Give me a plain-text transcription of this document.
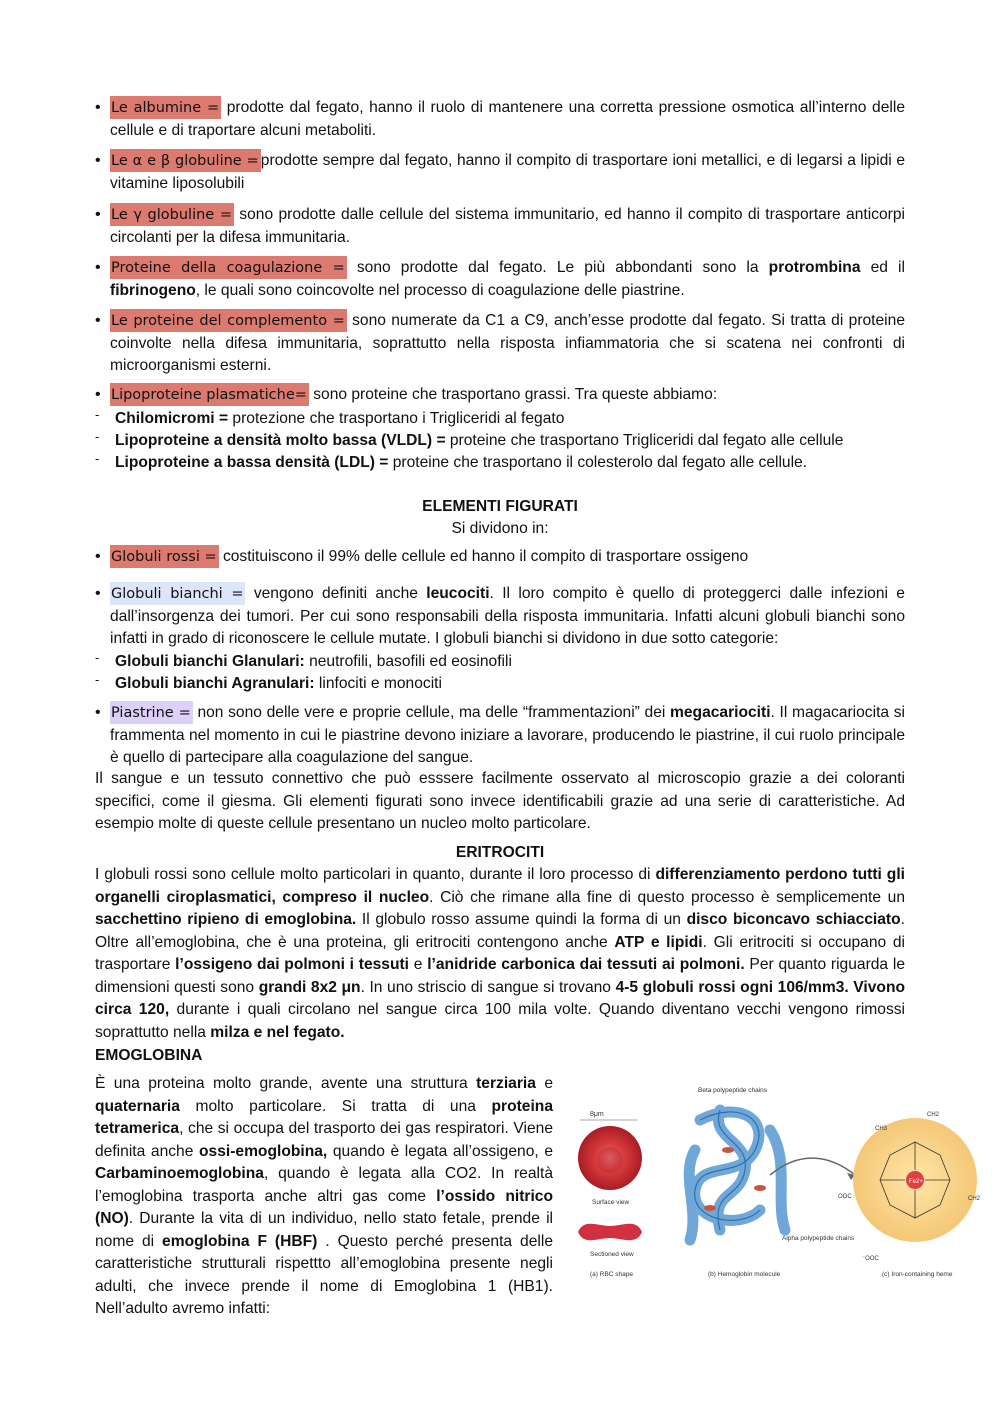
• Le albumine = prodotte dal fegato, hanno il ruolo di mantenere una corretta pressione osmotica all’interno delle cellule e di traportare alcuni metaboliti.
• Le α e β globuline = prodotte sempre dal fegato, hanno il compito di trasportare ioni metallici, e di legarsi a lipidi e vitamine liposolubili
• Le γ globuline = sono prodotte dalle cellule del sistema immunitario, ed hanno il compito di trasportare anticorpi circolanti per la difesa immunitaria.
• Proteine della coagulazione = sono prodotte dal fegato. Le più abbondanti sono la protrombina ed il fibrinogeno, le quali sono coincovolte nel processo di coagulazione delle piastrine.
• Le proteine del complemento = sono numerate da C1 a C9, anch’esse prodotte dal fegato. Si tratta di proteine coinvolte nella difesa immunitaria, soprattutto nella risposta infiammatoria che si scatena nei confronti di microorganismi esterni.
• Lipoproteine plasmatiche= sono proteine che trasportano grassi. Tra queste abbiamo:
- Chilomicromi = protezione che trasportano i Trigliceridi al fegato
- Lipoproteine a densità molto bassa (VLDL) = proteine che trasportano Trigliceridi dal fegato alle cellule
- Lipoproteine a bassa densità (LDL) = proteine che trasportano il colesterolo dal fegato alle cellule.
ELEMENTI FIGURATI
Si dividono in:
• Globuli rossi = costituiscono il 99% delle cellule ed hanno il compito di trasportare ossigeno
• Globuli bianchi = vengono definiti anche leucociti. Il loro compito è quello di proteggerci dalle infezioni e dall’insorgenza dei tumori. Per cui sono responsabili della risposta immunitaria. Infatti alcuni globuli bianchi sono infatti in grado di riconoscere le cellule mutate. I globuli bianchi si dividono in due sotto categorie:
- Globuli bianchi Glanulari: neutrofili, basofili ed eosinofili
- Globuli bianchi Agranulari: linfociti e monociti
• Piastrine = non sono delle vere e proprie cellule, ma delle “frammentazioni” dei megacariociti. Il magacariocita si frammenta nel momento in cui le piastrine devono iniziare a lavorare, producendo le piastrine, il cui ruolo principale è quello di partecipare alla coagulazione del sangue.
Il sangue e un tessuto connettivo che può esssere facilmente osservato al microscopio grazie a dei coloranti specifici, come il giesma. Gli elementi figurati sono invece identificabili grazie ad una serie di caratteristiche. Ad esempio molte di queste cellule presentano un nucleo molto particolare.
ERITROCITI
I globuli rossi sono cellule molto particolari in quanto, durante il loro processo di differenziamento perdono tutti gli organelli ciroplasmatici, compreso il nucleo. Ciò che rimane alla fine di questo processo è semplicemente un sacchettino ripieno di emoglobina. Il globulo rosso assume quindi la forma di un disco biconcavo schiacciato. Oltre all’emoglobina, che è una proteina, gli eritrociti contengono anche ATP e lipidi. Gli eritrociti si occupano di trasportare l’ossigeno dai polmoni i tessuti e l’anidride carbonica dai tessuti ai polmoni. Per quanto riguarda le dimensioni questi sono grandi 8x2 μn. In uno striscio di sangue si trovano 4-5 globuli rossi ogni 106/mm3. Vivono circa 120, durante i quali circolano nel sangue circa 100 mila volte. Quando diventano vecchi vengono rimossi soprattutto nella milza e nel fegato.
EMOGLOBINA
È una proteina molto grande, avente una struttura terziaria e quaternaria molto particolare. Si tratta di una proteina tetramerica, che si occupa del trasporto dei gas respiratori. Viene definita anche ossi-emoglobina, quando è legata all’ossigeno, e Carbaminoemoglobina, quando è legata alla CO2. In realtà l’emoglobina trasporta anche altri gas come l’ossido nitrico (NO). Durante la vita di un individuo, nello stato fetale, prende il nome di emoglobina F (HBF) . Questo perché presenta delle caratteristiche strutturali rispettto all’emoglobina presente negli adulti, che invece prende il nome di Emoglobina 1 (HB1). Nell’adulto avremo infatti:
8μm
Surface view
Sectioned view
(a) RBC shape
Beta polypeptide chains
Alpha polypeptide chains
(b) Hemoglobin molecule
Fe2+
CH2
CH3
CH2
OOC
⁻OOC
(c) Iron-containing heme
